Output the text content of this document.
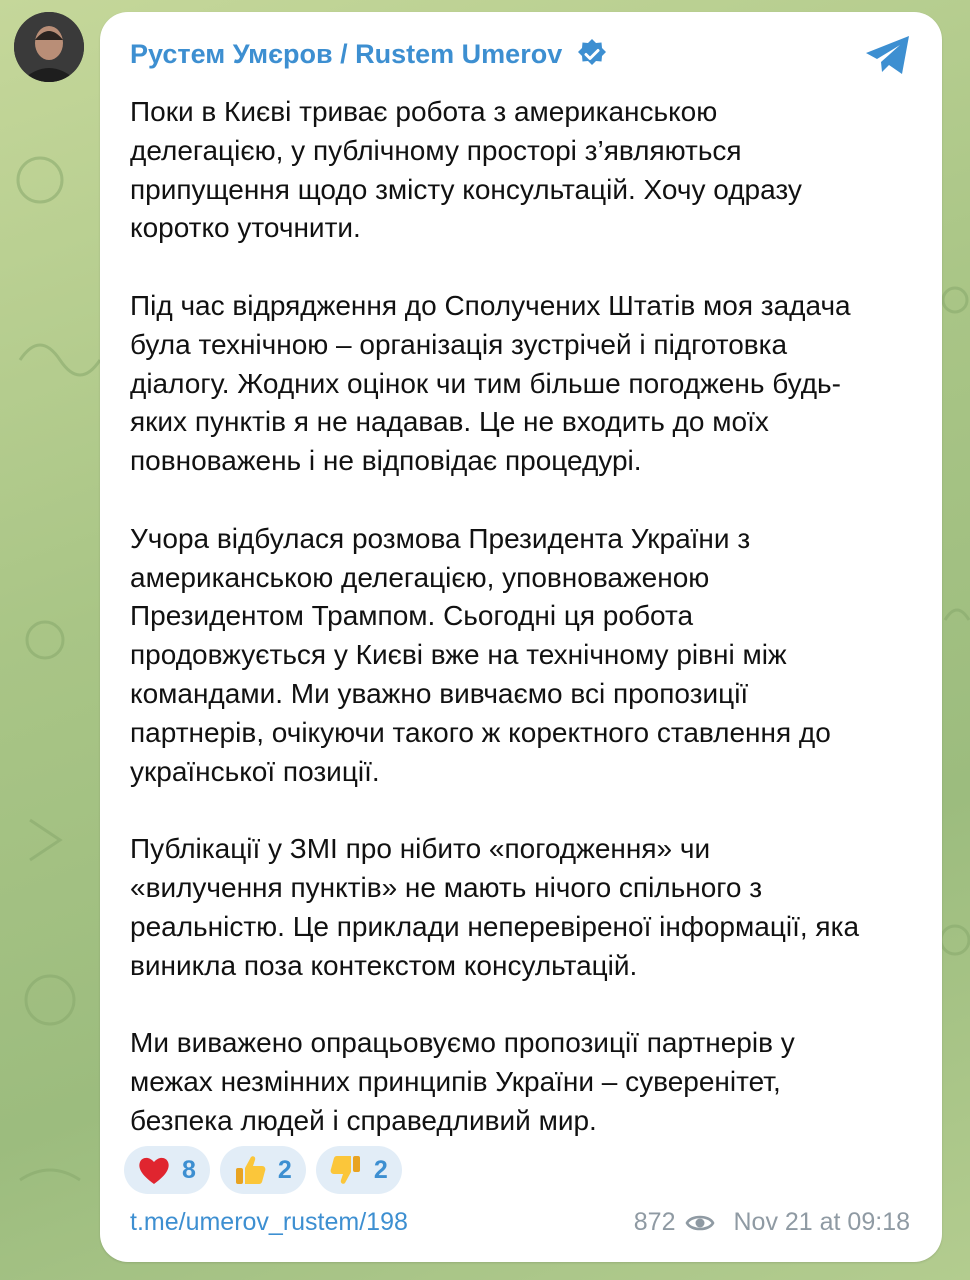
Рустем Умєров / Rustem Umerov

Поки в Києві триває робота з американською
делегацією, у публічному просторі з’являються
припущення щодо змісту консультацій. Хочу одразу
коротко уточнити.

Під час відрядження до Сполучених Штатів моя задача
була технічною – організація зустрічей і підготовка
діалогу. Жодних оцінок чи тим більше погоджень будь-
яких пунктів я не надавав. Це не входить до моїх
повноважень і не відповідає процедурі.

Учора відбулася розмова Президента України з
американською делегацією, уповноваженою
Президентом Трампом. Сьогодні ця робота
продовжується у Києві вже на технічному рівні між
командами. Ми уважно вивчаємо всі пропозиції
партнерів, очікуючи такого ж коректного ставлення до
української позиції.

Публікації у ЗМІ про нібито «погодження» чи
«вилучення пунктів» не мають нічого спільного з
реальністю. Це приклади неперевіреної інформації, яка
виникла поза контекстом консультацій.

Ми виважено опрацьовуємо пропозиції партнерів у
межах незмінних принципів України – суверенітет,
безпека людей і справедливий мир.

8	2	2
t.me/umerov_rustem/198	872 Nov 21 at 09:18
